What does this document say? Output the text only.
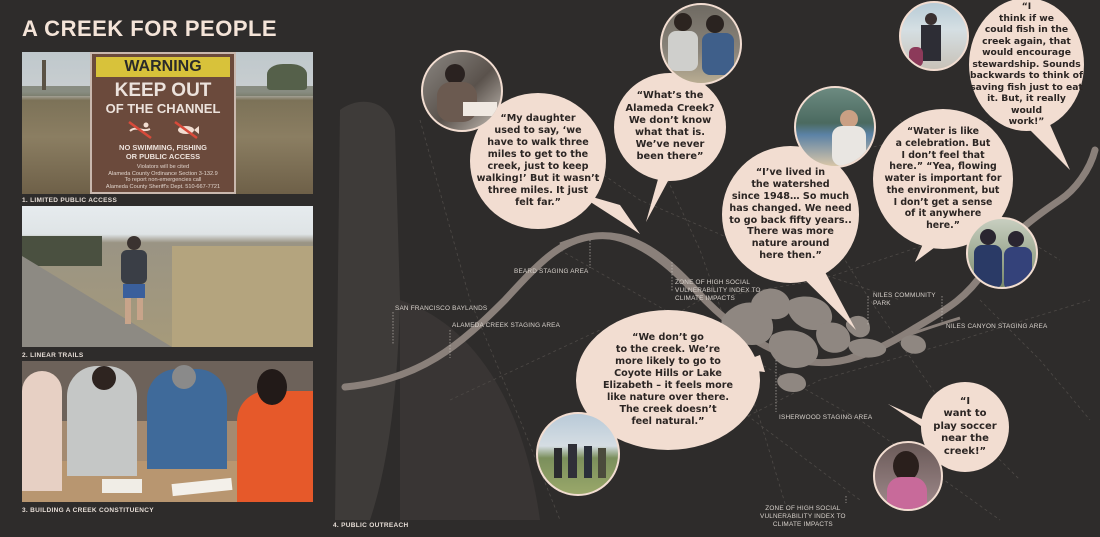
A CREEK FOR PEOPLE
WARNING
KEEP OUT
OF THE CHANNEL
NO SWIMMING, FISHING
OR PUBLIC ACCESS
Violators will be cited
Alameda County Ordinance Section 3-132.9
To report non-emergencies call
Alameda County Sheriff's Dept. 510-667-7721
1. LIMITED PUBLIC ACCESS
2. LINEAR TRAILS
3. BUILDING A CREEK CONSTITUENCY
4. PUBLIC OUTREACH
BEARD STAGING AREA
SAN FRANCISCO BAYLANDS
ALAMEDA CREEK STAGING AREA
ZONE OF HIGH SOCIAL
VULNERABILITY INDEX TO
CLIMATE IMPACTS	NILES COMMUNITY
PARK
NILES CANYON STAGING AREA
ISHERWOOD STAGING AREA
ZONE OF HIGH SOCIAL
VULNERABILITY INDEX TO
CLIMATE IMPACTS
“My daughter
used to say, ‘we
have to walk three
miles to get to the
creek, just to keep
walking!’ But it wasn’t
three miles. It just
felt far.”
“What’s the
Alameda Creek?
We don’t know
what that is.
We’ve never
been there”
“I’ve lived in
the watershed
since 1948… So much
has changed. We need
to go back fifty years..
There was more
nature around
here then.”
“Water is like
a celebration. But
I don’t feel that
here.” “Yea, flowing
water is important for
the environment, but
I don’t get a sense
of it anywhere
here.”
“I
think if we
could fish in the
creek again, that
would encourage
stewardship. Sounds
backwards to think of
saving fish just to eat
it. But, it really
would
work!”
“We don’t go
to the creek. We’re
more likely to go to
Coyote Hills or Lake
Elizabeth – it feels more
like nature over there.
The creek doesn’t
feel natural.”
“I
want to
play soccer
near the
creek!”
